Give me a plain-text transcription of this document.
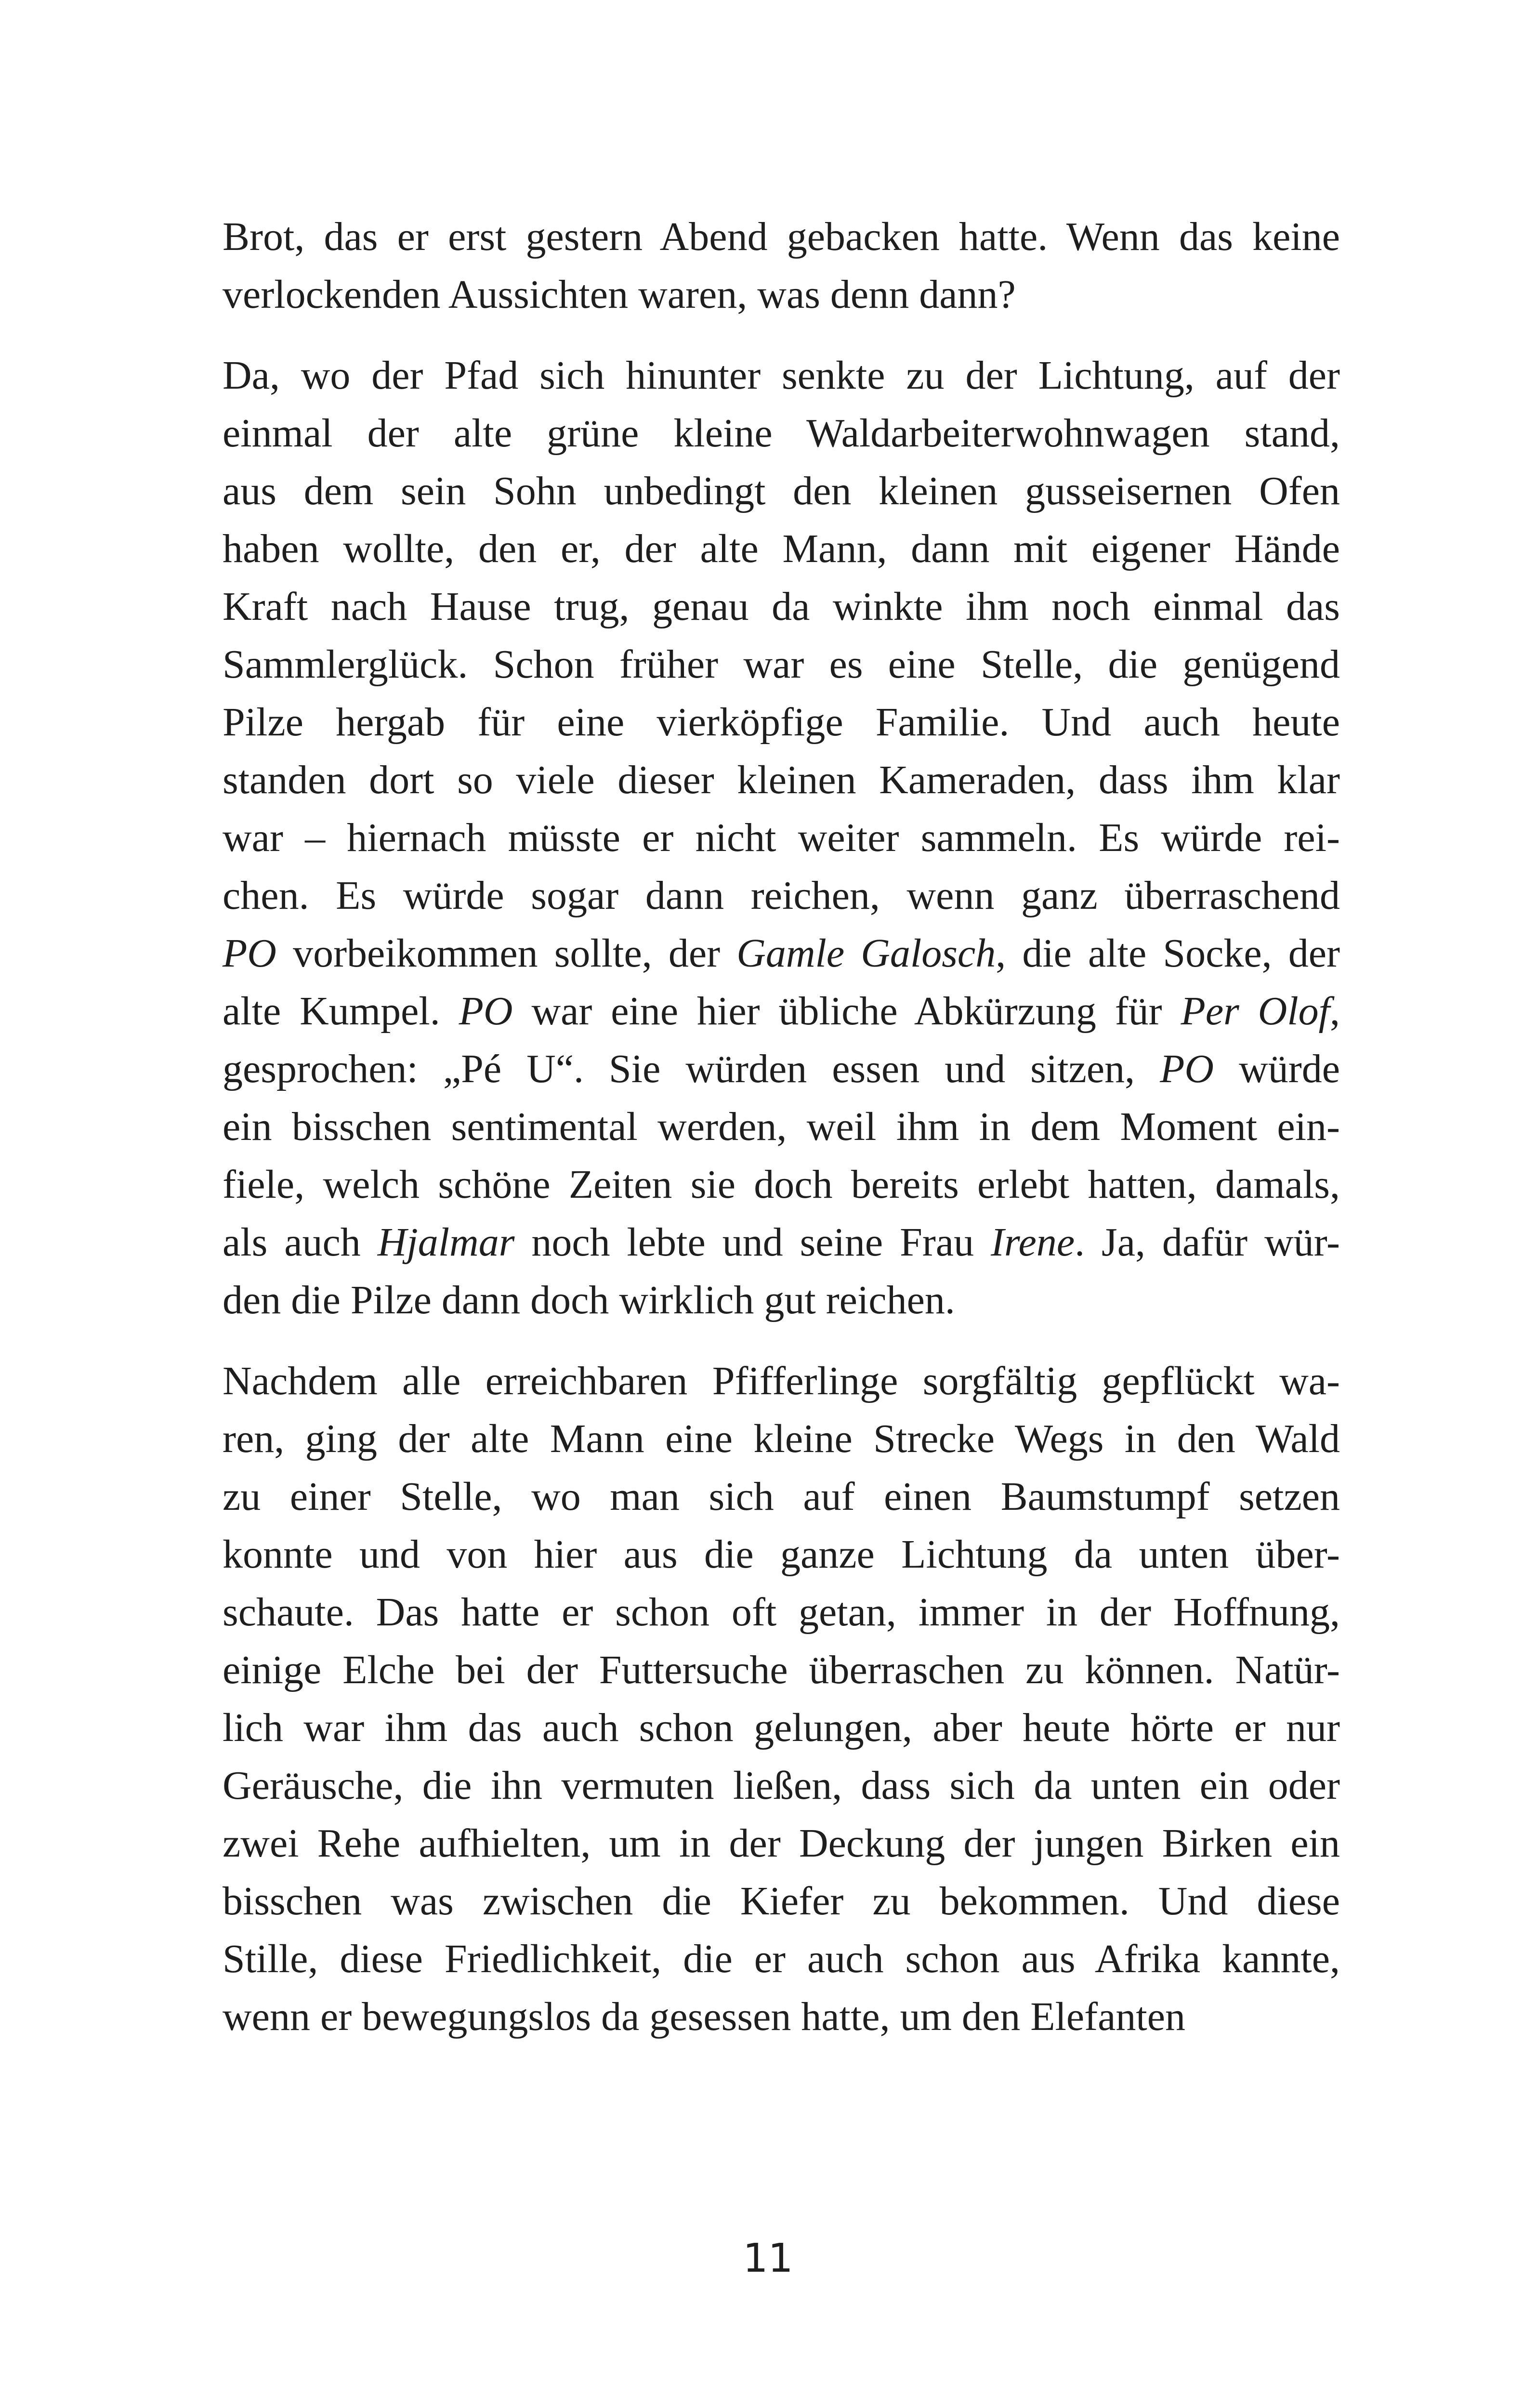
Brot, das er erst gestern Abend gebacken hatte. Wenn das keine
verlockenden Aussichten waren, was denn dann?
Da, wo der Pfad sich hinunter senkte zu der Lichtung, auf der
einmal der alte grüne kleine Waldarbeiterwohnwagen stand,
aus dem sein Sohn unbedingt den kleinen gusseisernen Ofen
haben wollte, den er, der alte Mann, dann mit eigener Hände
Kraft nach Hause trug, genau da winkte ihm noch einmal das
Sammlerglück. Schon früher war es eine Stelle, die genügend
Pilze hergab für eine vierköpfige Familie. Und auch heute
standen dort so viele dieser kleinen Kameraden, dass ihm klar
war – hiernach müsste er nicht weiter sammeln. Es würde rei-
chen. Es würde sogar dann reichen, wenn ganz überraschend
PO vorbeikommen sollte, der Gamle Galosch, die alte Socke, der
alte Kumpel. PO war eine hier übliche Abkürzung für Per Olof,
gesprochen: „Pé U“. Sie würden essen und sitzen, PO würde
ein bisschen sentimental werden, weil ihm in dem Moment ein-
fiele, welch schöne Zeiten sie doch bereits erlebt hatten, damals,
als auch Hjalmar noch lebte und seine Frau Irene. Ja, dafür wür-
den die Pilze dann doch wirklich gut reichen.
Nachdem alle erreichbaren Pfifferlinge sorgfältig gepflückt wa-
ren, ging der alte Mann eine kleine Strecke Wegs in den Wald
zu einer Stelle, wo man sich auf einen Baumstumpf setzen
konnte und von hier aus die ganze Lichtung da unten über-
schaute. Das hatte er schon oft getan, immer in der Hoffnung,
einige Elche bei der Futtersuche überraschen zu können. Natür-
lich war ihm das auch schon gelungen, aber heute hörte er nur
Geräusche, die ihn vermuten ließen, dass sich da unten ein oder
zwei Rehe aufhielten, um in der Deckung der jungen Birken ein
bisschen was zwischen die Kiefer zu bekommen. Und diese
Stille, diese Friedlichkeit, die er auch schon aus Afrika kannte,
wenn er bewegungslos da gesessen hatte, um den Elefanten
11
